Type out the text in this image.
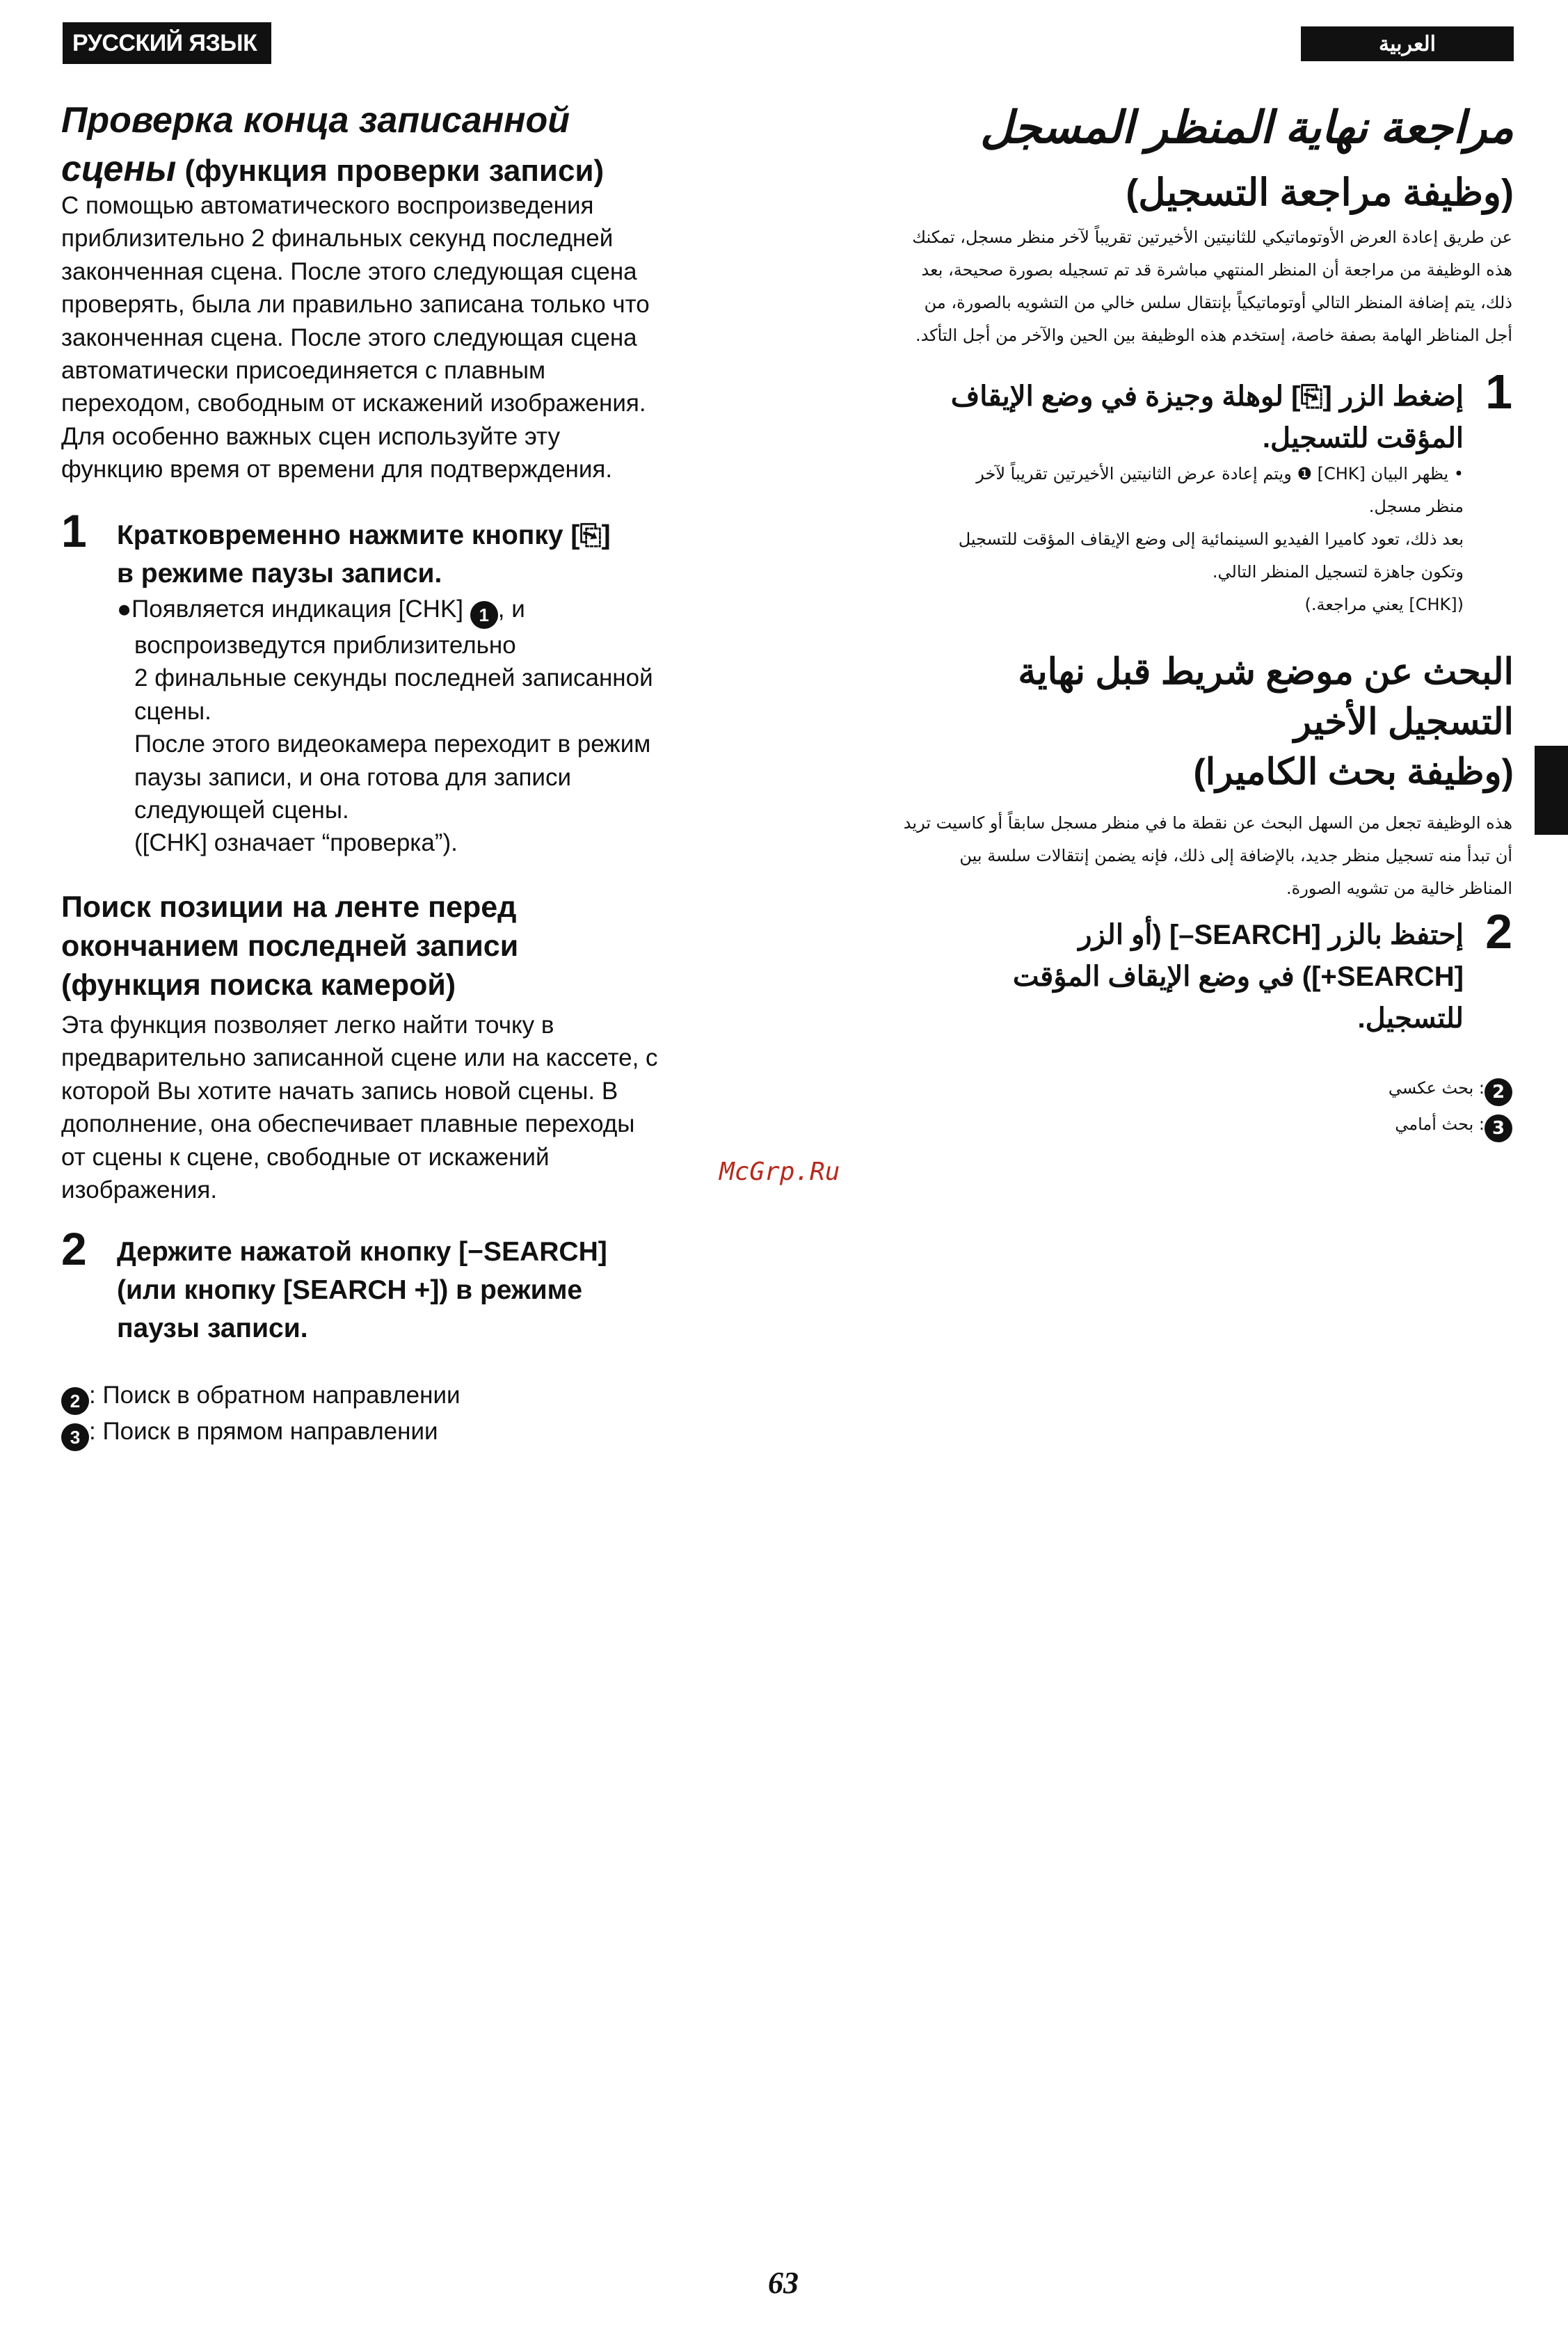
РУССКИЙ ЯЗЫК	العربية
Проверка конца записанной
сцены (функция проверки записи)
С помощью автоматического воспроизведения
приблизительно 2 финальных секунд последней
законченная сцена. После этого следующая сцена
проверять, была ли правильно записана только что
законченная сцена. После этого следующая сцена
автоматически присоединяется с плавным
переходом, свободным от искажений изображения.
Для особенно важных сцен используйте эту
функцию время от времени для подтверждения.
1 Кратковременно нажмите кнопку [⎘]
в режиме паузы записи.
●Появляется индикация [CHK] 1 , и
воспроизведутся приблизительно
2 финальные секунды последней записанной
сцены.
После этого видеокамера переходит в режим
паузы записи, и она готова для записи
следующей сцены.
([CHK] означает “проверка”).
Поиск позиции на ленте перед
окончанием последней записи
(функция поиска камерой)
Эта функция позволяет легко найти точку в
предварительно записанной сцене или на кассете, с
которой Вы хотите начать запись новой сцены. В
дополнение, она обеспечивает плавные переходы
от сцены к сцене, свободные от искажений
изображения.
2 Держите нажатой кнопку [−SEARCH]
(или кнопку [SEARCH +]) в режиме
паузы записи.
2 : Поиск в обратном направлении
3 : Поиск в прямом направлении
مراجعة نهاية المنظر المسجل
(وظيفة مراجعة التسجيل)
عن طريق إعادة العرض الأوتوماتيكي للثانيتين الأخيرتين تقريباً لآخر منظر مسجل، تمكنك
هذه الوظيفة من مراجعة أن المنظر المنتهي مباشرة قد تم تسجيله بصورة صحيحة، بعد
ذلك، يتم إضافة المنظر التالي أوتوماتيكياً بإنتقال سلس خالي من التشويه بالصورة، من
أجل المناظر الهامة بصفة خاصة، إستخدم هذه الوظيفة بين الحين والآخر من أجل التأكد.
1
إضغط الزر [⎘] لوهلة وجيزة في وضع الإيقاف
المؤقت للتسجيل.
• يظهر البيان [CHK] ❶ ويتم إعادة عرض الثانيتين الأخيرتين تقريباً لآخر
منظر مسجل.
بعد ذلك، تعود كاميرا الفيديو السينمائية إلى وضع الإيقاف المؤقت للتسجيل
وتكون جاهزة لتسجيل المنظر التالي.
([CHK] يعني مراجعة.)
البحث عن موضع شريط قبل نهاية
التسجيل الأخير
(وظيفة بحث الكاميرا)
هذه الوظيفة تجعل من السهل البحث عن نقطة ما في منظر مسجل سابقاً أو كاسيت تريد
أن تبدأ منه تسجيل منظر جديد، بالإضافة إلى ذلك، فإنه يضمن إنتقالات سلسة بين
المناظر خالية من تشويه الصورة.
2
إحتفظ بالزر [SEARCH–] (أو الزر
[SEARCH+]) في وضع الإيقاف المؤقت
للتسجيل.
2: بحث عكسي
3: بحث أمامي
McGrp.Ru
63
